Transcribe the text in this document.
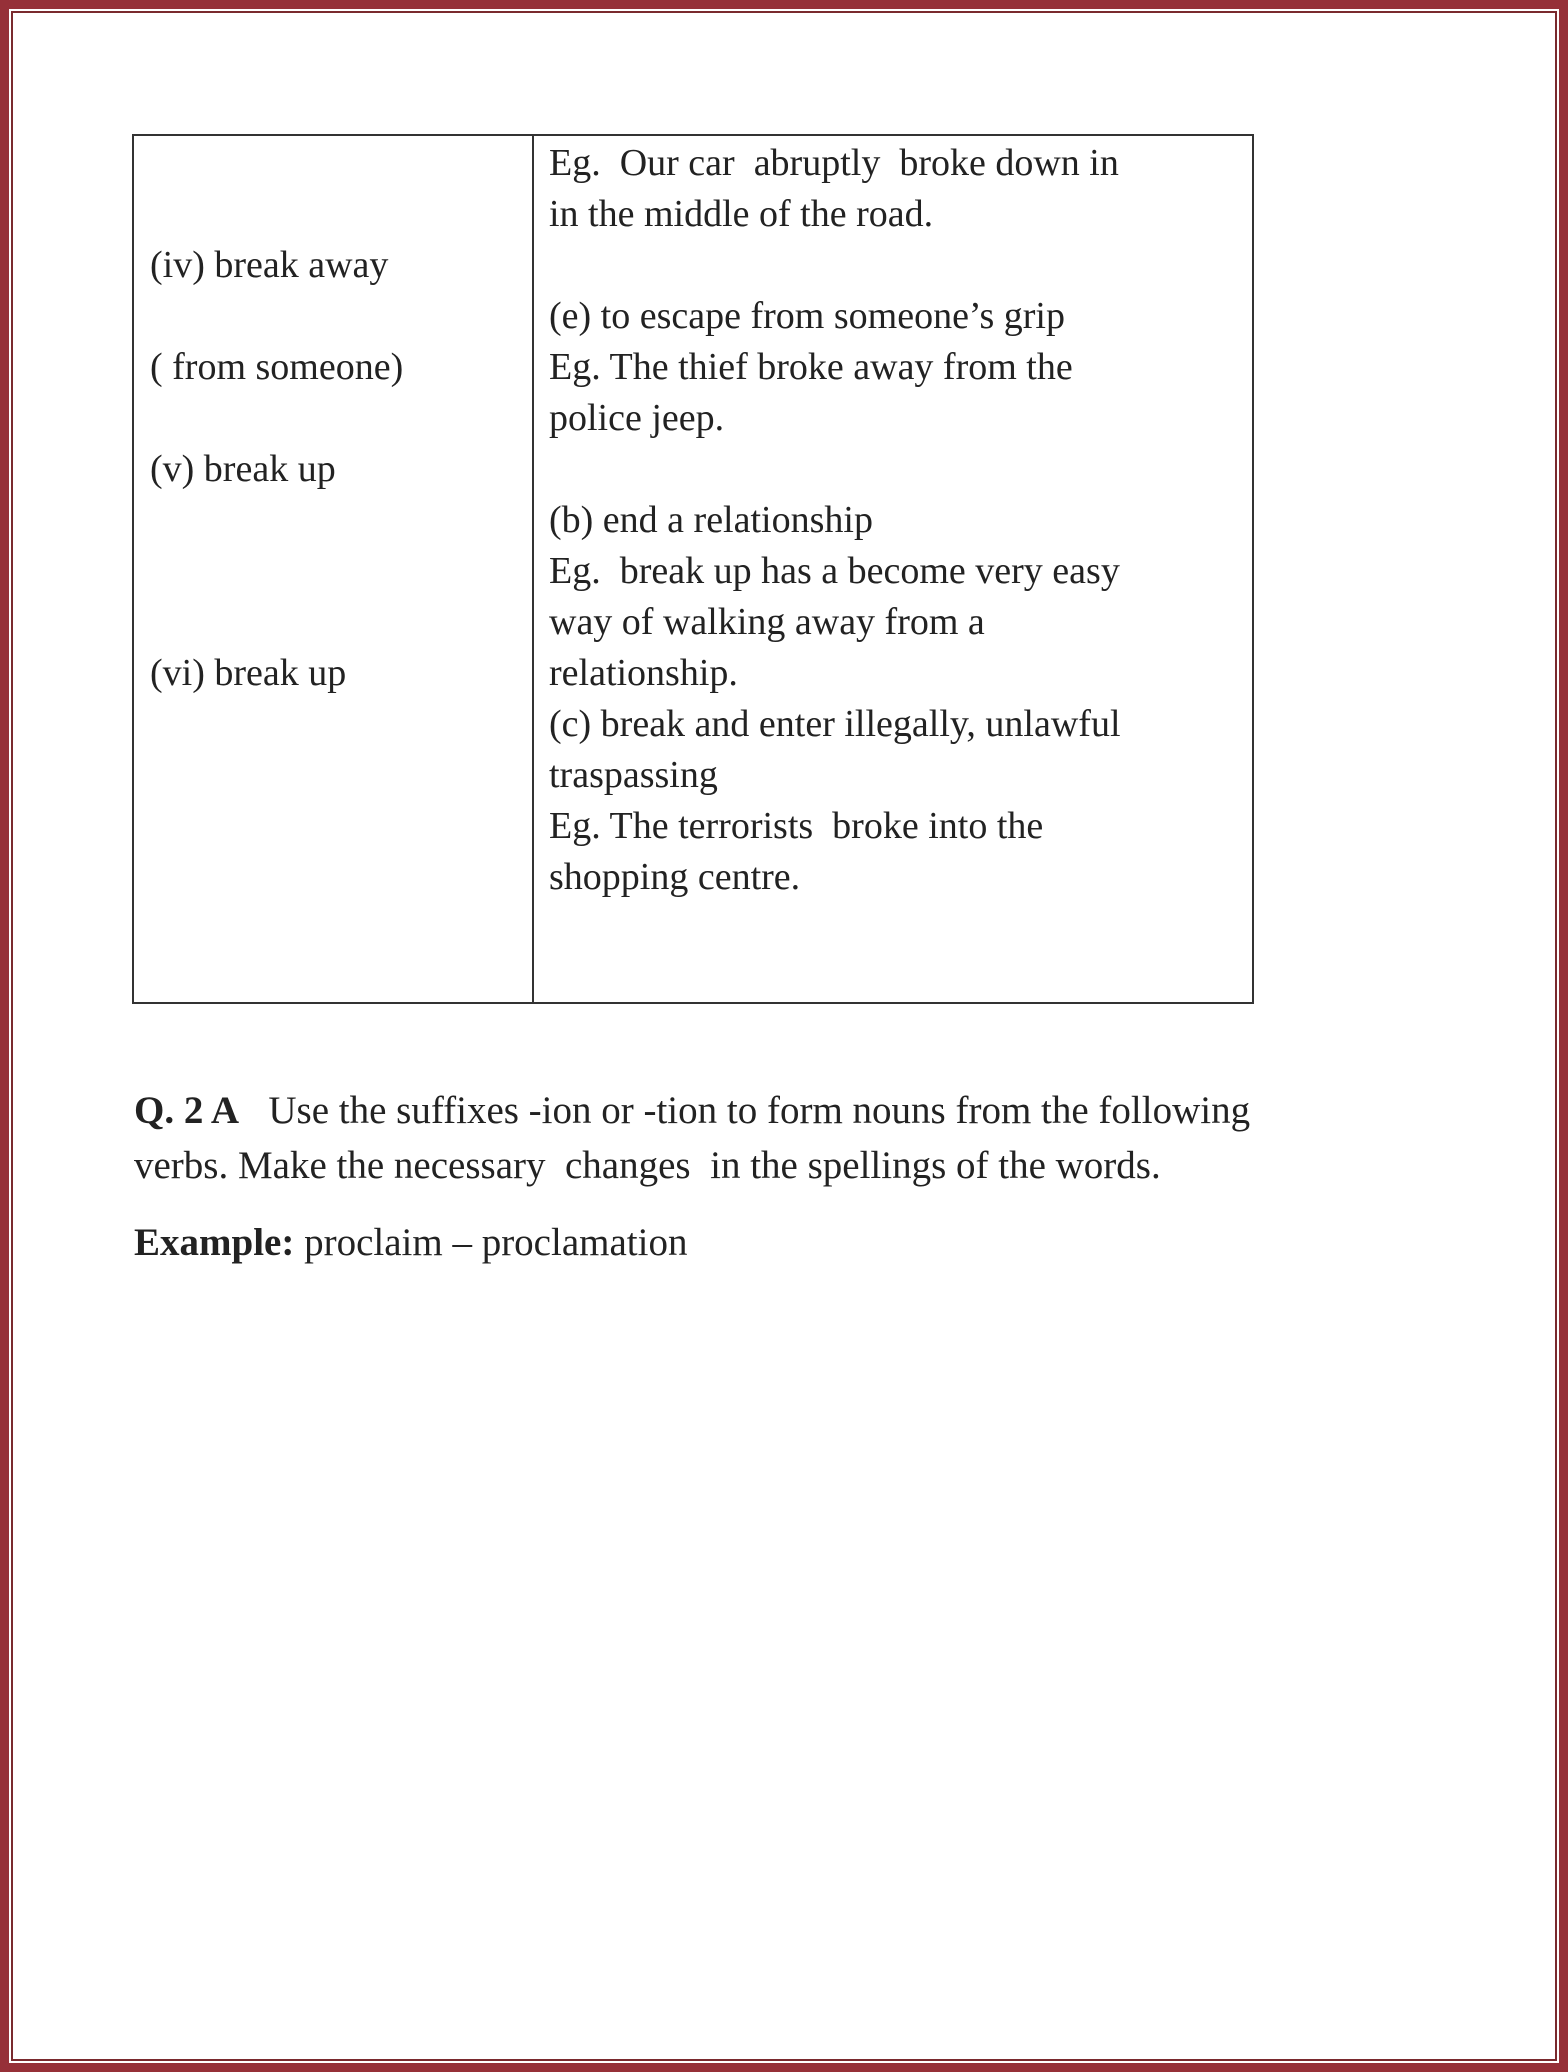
(iv) break away
( from someone)
(v) break up
(vi) break up
Eg.  Our car  abruptly  broke down in
in the middle of the road.
(e) to escape from someone’s grip
Eg. The thief broke away from the
police jeep.
(b) end a relationship
Eg.  break up has a become very easy
way of walking away from a
relationship.
(c) break and enter illegally, unlawful
traspassing
Eg. The terrorists  broke into the
shopping centre.
Q. 2 A Use the suffixes -ion or -tion to form nouns from the following
verbs. Make the necessary  changes  in the spellings of the words.
Example: proclaim – proclamation
